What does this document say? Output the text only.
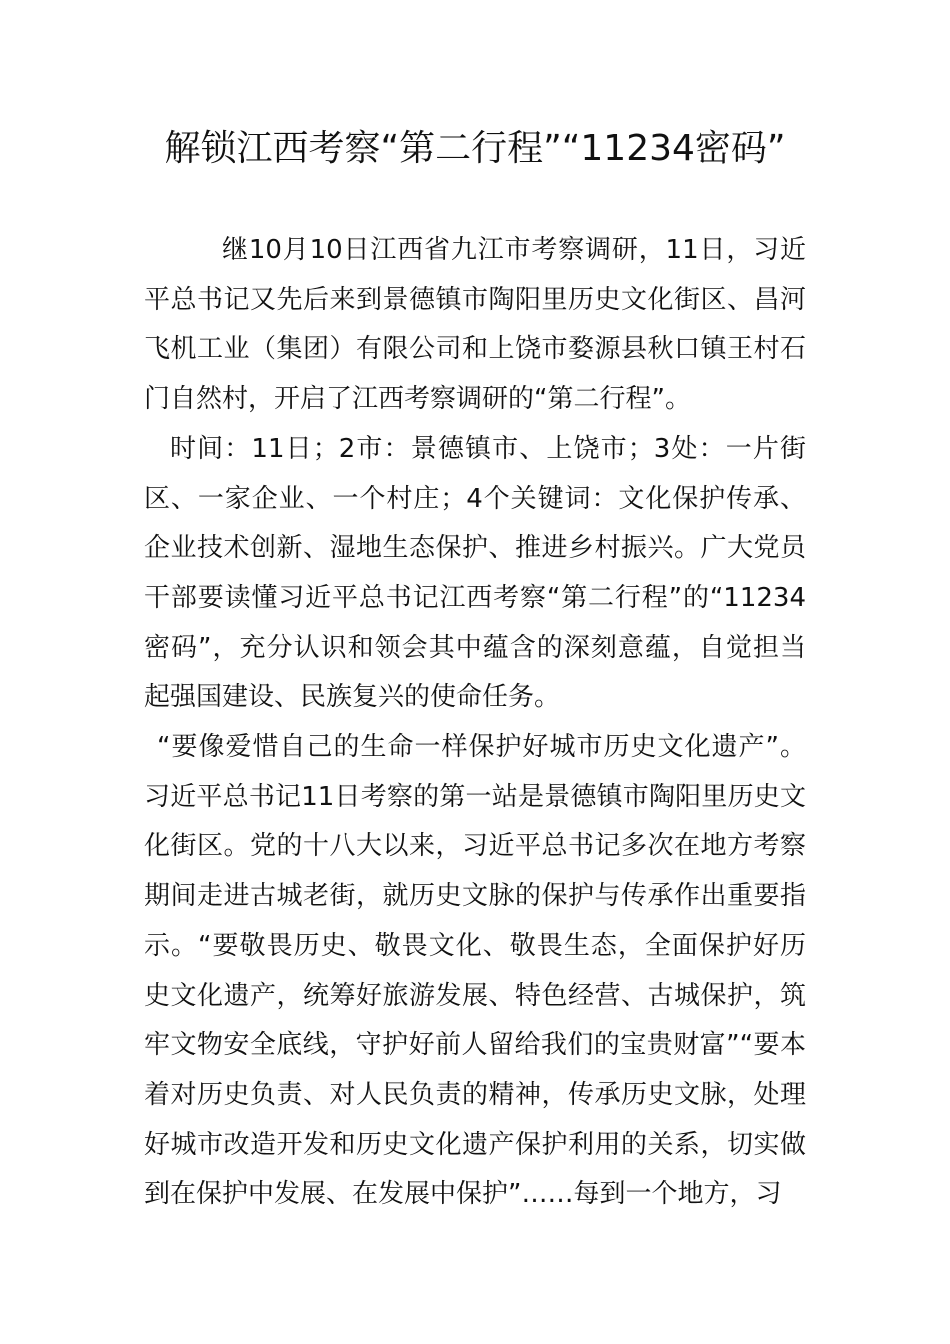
解锁江西考察“第二行程”“11234密码”

继10月10日江西省九江市考察调研，11日，习近平总书记又先后来到景德镇市陶阳里历史文化街区、昌河飞机工业（集团）有限公司和上饶市婺源县秋口镇王村石门自然村，开启了江西考察调研的“第二行程”。

时间：11日；2市：景德镇市、上饶市；3处：一片街区、一家企业、一个村庄；4个关键词：文化保护传承、企业技术创新、湿地生态保护、推进乡村振兴。广大党员干部要读懂习近平总书记江西考察“第二行程”的“11234密码”，充分认识和领会其中蕴含的深刻意蕴，自觉担当起强国建设、民族复兴的使命任务。

“要像爱惜自己的生命一样保护好城市历史文化遗产”。习近平总书记11日考察的第一站是景德镇市陶阳里历史文化街区。党的十八大以来，习近平总书记多次在地方考察期间走进古城老街，就历史文脉的保护与传承作出重要指示。“要敬畏历史、敬畏文化、敬畏生态，全面保护好历史文化遗产，统筹好旅游发展、特色经营、古城保护，筑牢文物安全底线，守护好前人留给我们的宝贵财富”“要本着对历史负责、对人民负责的精神，传承历史文脉，处理好城市改造开发和历史文化遗产保护利用的关系，切实做到在保护中发展、在发展中保护”……每到一个地方，习
